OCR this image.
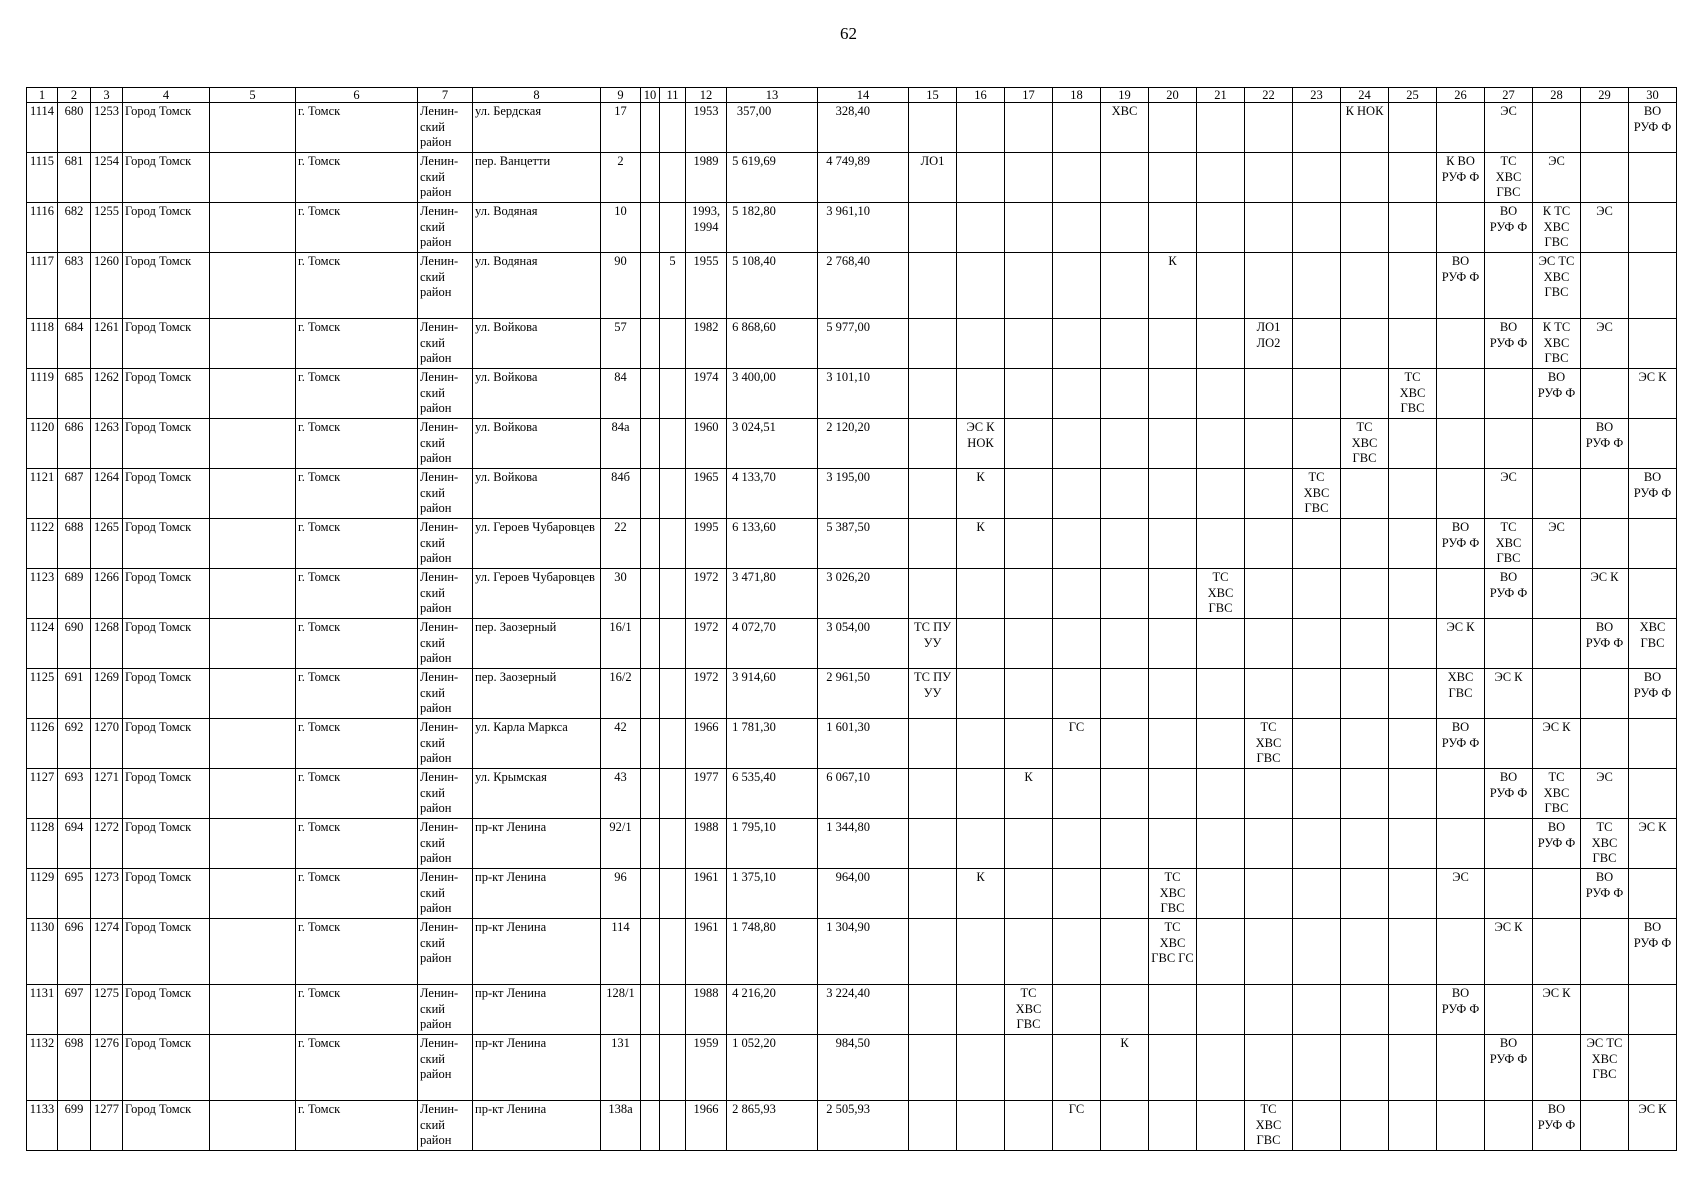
62
1	2	3	4	5	6	7	8	9	10	11	12	13	14	15	16	17	18	19	20	21	22	23	24	25	26	27	28	29	30
1114	680	1253	Город Томск		г. Томск	Ленин-ский район	ул. Бердская	17			1953	357,00	328,40					ХВС					К НОК			ЭС			ВО РУФ Ф
1115	681	1254	Город Томск		г. Томск	Ленин-ский район	пер. Ванцетти	2			1989	5 619,69	4 749,89	ЛО1											К ВО РУФ Ф	ТС ХВС ГВС	ЭС		
1116	682	1255	Город Томск		г. Томск	Ленин-ский район	ул. Водяная	10			1993, 1994	5 182,80	3 961,10													ВО РУФ Ф	К ТС ХВС ГВС	ЭС	
1117	683	1260	Город Томск		г. Томск	Ленин-ский район	ул. Водяная	90		5	1955	5 108,40	2 768,40						К						ВО РУФ Ф		ЭС ТС ХВС ГВС		
1118	684	1261	Город Томск		г. Томск	Ленин-ский район	ул. Войкова	57			1982	6 868,60	5 977,00								ЛО1 ЛО2					ВО РУФ Ф	К ТС ХВС ГВС	ЭС	
1119	685	1262	Город Томск		г. Томск	Ленин-ский район	ул. Войкова	84			1974	3 400,00	3 101,10											ТС ХВС ГВС			ВО РУФ Ф		ЭС К
1120	686	1263	Город Томск		г. Томск	Ленин-ский район	ул. Войкова	84а			1960	3 024,51	2 120,20		ЭС К НОК								ТС ХВС ГВС					ВО РУФ Ф	
1121	687	1264	Город Томск		г. Томск	Ленин-ский район	ул. Войкова	84б			1965	4 133,70	3 195,00		К							ТС ХВС ГВС				ЭС			ВО РУФ Ф
1122	688	1265	Город Томск		г. Томск	Ленин-ский район	ул. Героев Чубаровцев	22			1995	6 133,60	5 387,50		К										ВО РУФ Ф	ТС ХВС ГВС	ЭС		
1123	689	1266	Город Томск		г. Томск	Ленин-ский район	ул. Героев Чубаровцев	30			1972	3 471,80	3 026,20							ТС ХВС ГВС						ВО РУФ Ф		ЭС К	
1124	690	1268	Город Томск		г. Томск	Ленин-ский район	пер. Заозерный	16/1			1972	4 072,70	3 054,00	ТС ПУ УУ											ЭС К			ВО РУФ Ф	ХВС ГВС
1125	691	1269	Город Томск		г. Томск	Ленин-ский район	пер. Заозерный	16/2			1972	3 914,60	2 961,50	ТС ПУ УУ											ХВС ГВС	ЭС К			ВО РУФ Ф
1126	692	1270	Город Томск		г. Томск	Ленин-ский район	ул. Карла Маркса	42			1966	1 781,30	1 601,30				ГС				ТС ХВС ГВС				ВО РУФ Ф		ЭС К		
1127	693	1271	Город Томск		г. Томск	Ленин-ский район	ул. Крымская	43			1977	6 535,40	6 067,10			К										ВО РУФ Ф	ТС ХВС ГВС	ЭС	
1128	694	1272	Город Томск		г. Томск	Ленин-ский район	пр-кт Ленина	92/1			1988	1 795,10	1 344,80														ВО РУФ Ф	ТС ХВС ГВС	ЭС К
1129	695	1273	Город Томск		г. Томск	Ленин-ский район	пр-кт Ленина	96			1961	1 375,10	964,00		К				ТС ХВС ГВС						ЭС			ВО РУФ Ф	
1130	696	1274	Город Томск		г. Томск	Ленин-ский район	пр-кт Ленина	114			1961	1 748,80	1 304,90						ТС ХВС ГВС ГС							ЭС К			ВО РУФ Ф
1131	697	1275	Город Томск		г. Томск	Ленин-ский район	пр-кт Ленина	128/1			1988	4 216,20	3 224,40			ТС ХВС ГВС									ВО РУФ Ф		ЭС К		
1132	698	1276	Город Томск		г. Томск	Ленин-ский район	пр-кт Ленина	131			1959	1 052,20	984,50					К								ВО РУФ Ф		ЭС ТС ХВС ГВС	
1133	699	1277	Город Томск		г. Томск	Ленин-ский район	пр-кт Ленина	138а			1966	2 865,93	2 505,93				ГС				ТС ХВС ГВС						ВО РУФ Ф		ЭС К
